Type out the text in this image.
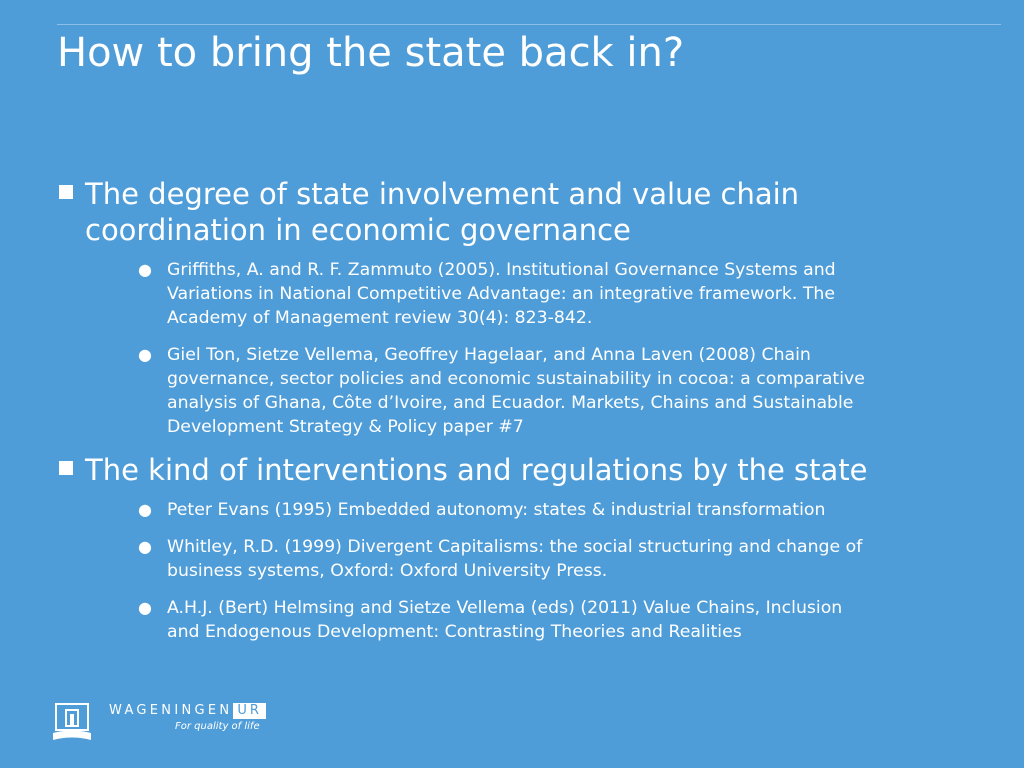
How to bring the state back in?
The degree of state involvement and value chain
coordination in economic governance
● Griffiths, A. and R. F. Zammuto (2005). Institutional Governance Systems and
Variations in National Competitive Advantage: an integrative framework. The
Academy of Management review 30(4): 823-842.
● Giel Ton, Sietze Vellema, Geoffrey Hagelaar, and Anna Laven (2008) Chain
governance, sector policies and economic sustainability in cocoa: a comparative
analysis of Ghana, Côte d’Ivoire, and Ecuador. Markets, Chains and Sustainable
Development Strategy & Policy paper #7
The kind of interventions and regulations by the state
● Peter Evans (1995) Embedded autonomy: states & industrial transformation
● Whitley, R.D. (1999) Divergent Capitalisms: the social structuring and change of
business systems, Oxford: Oxford University Press.
● A.H.J. (Bert) Helmsing and Sietze Vellema (eds) (2011) Value Chains, Inclusion
and Endogenous Development: Contrasting Theories and Realities
WAGENINGEN UR
For quality of life
